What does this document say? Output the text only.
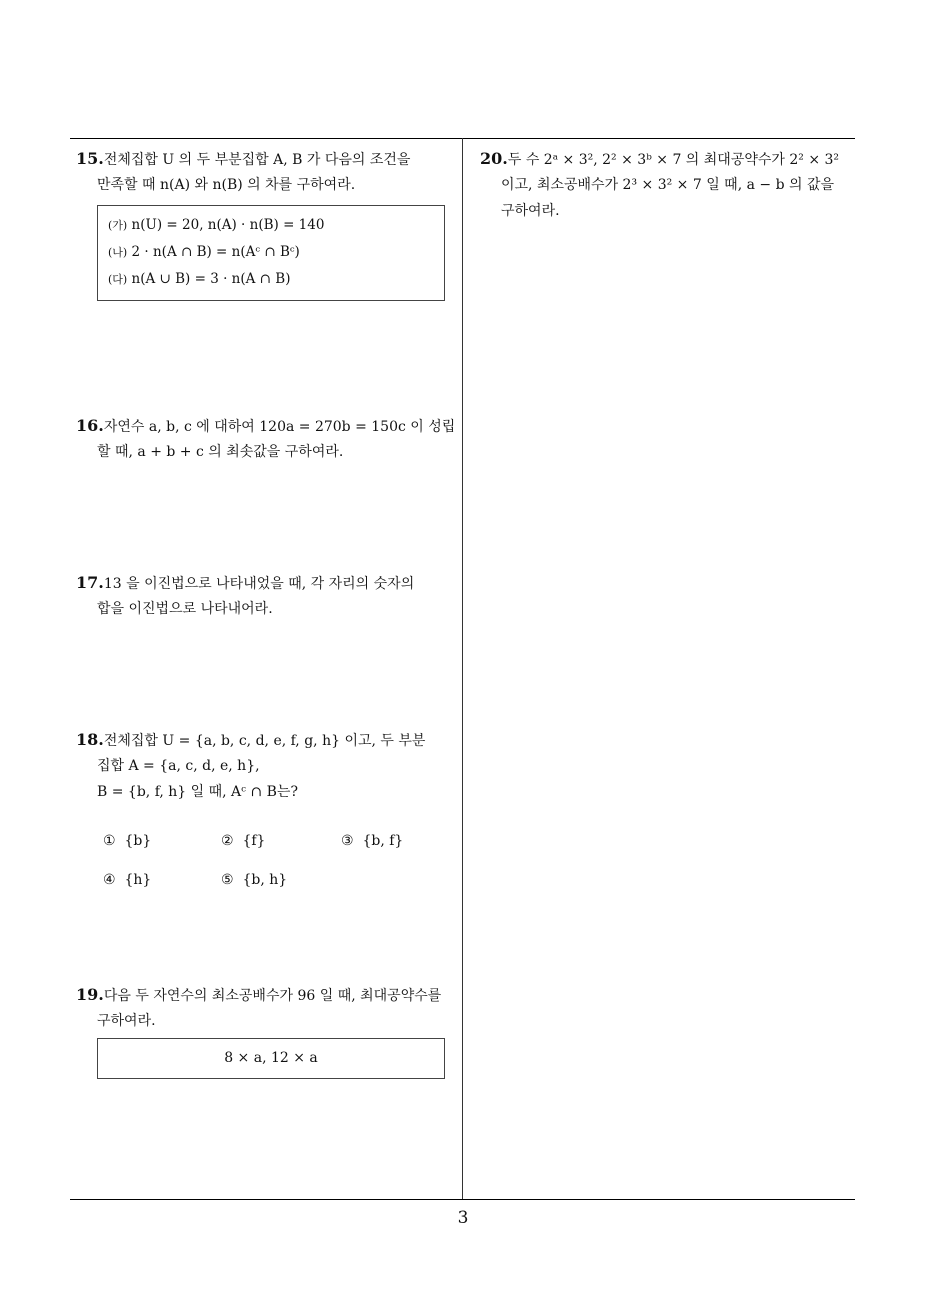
15.전체집합 U 의 두 부분집합 A, B 가 다음의 조건을
만족할 때 n(A) 와 n(B) 의 차를 구하여라.
(가) n(U) = 20, n(A) · n(B) = 140
(나) 2 · n(A ∩ B) = n(Aᶜ ∩ Bᶜ)
(다) n(A ∪ B) = 3 · n(A ∩ B)
16.자연수 a, b, c 에 대하여 120a = 270b = 150c 이 성립
할 때, a + b + c 의 최솟값을 구하여라.
17.13 을 이진법으로 나타내었을 때, 각 자리의 숫자의
합을 이진법으로 나타내어라.
18.전체집합 U = {a, b, c, d, e, f, g, h} 이고, 두 부분
집합 A = {a, c, d, e, h},
B = {b, f, h} 일 때, Aᶜ ∩ B는?
① {b}	② {f}	③ {b, f}
④ {h}	⑤ {b, h}
19.다음 두 자연수의 최소공배수가 96 일 때, 최대공약수를
구하여라.
8 × a, 12 × a
20.두 수 2ᵃ × 3², 2² × 3ᵇ × 7 의 최대공약수가 2² × 3²
이고, 최소공배수가 2³ × 3² × 7 일 때, a − b 의 값을
구하여라.
3
